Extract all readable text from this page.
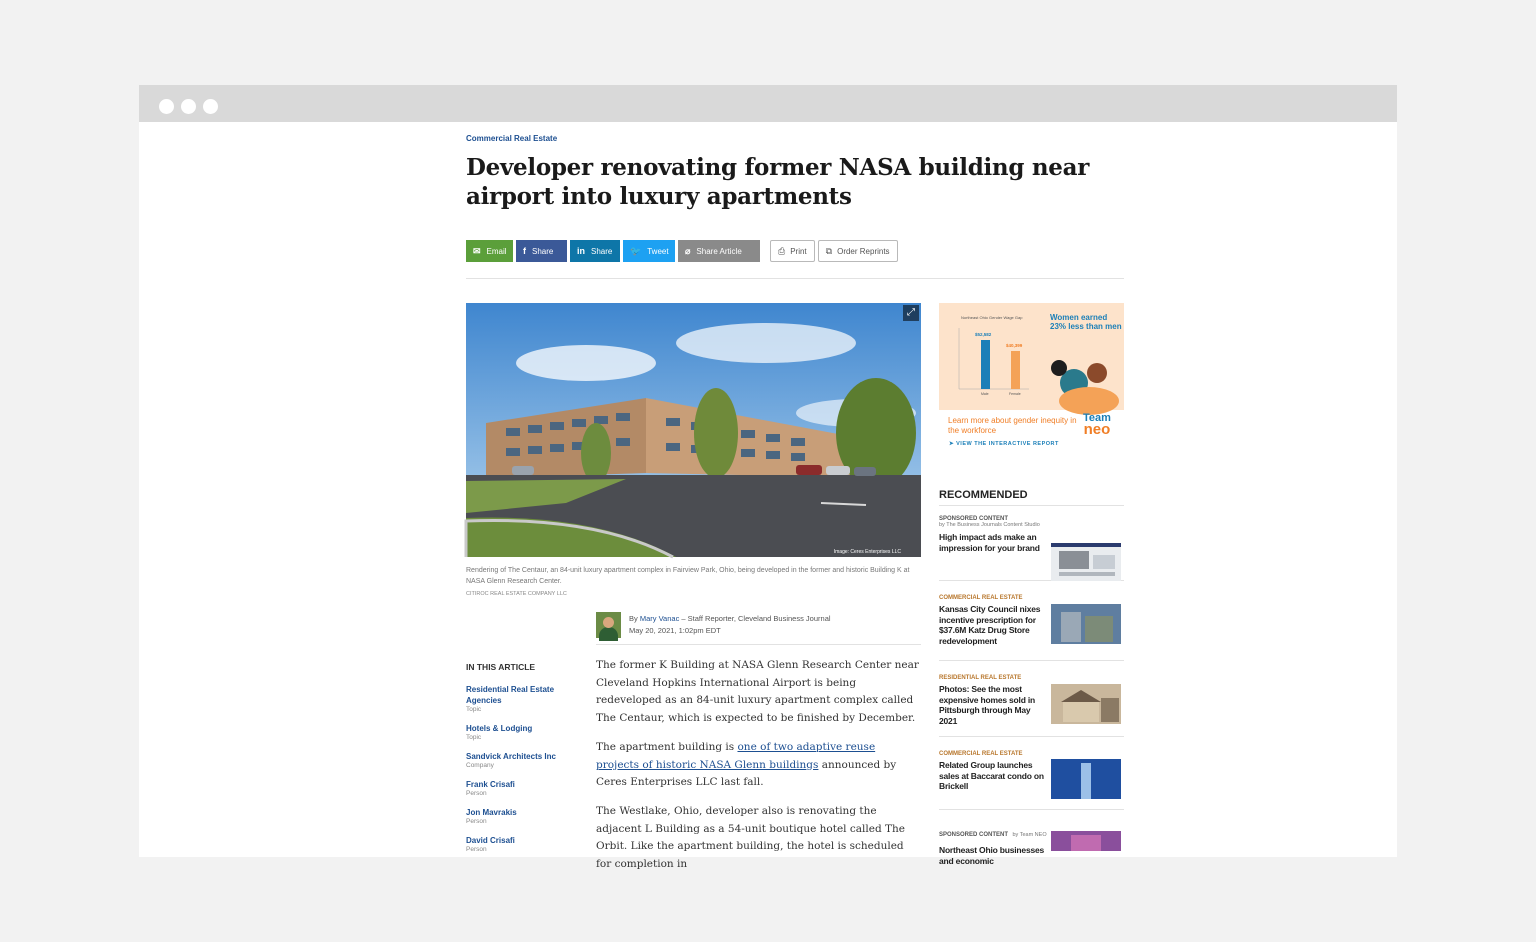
Commercial Real Estate
Developer renovating former NASA building near airport into luxury apartments
✉ Email f Share	in Share 🐦 Tweet ⌀ Share Article	⎙ Print ⧉ Order Reprints
⤢
Image: Ceres Enterprises LLC
Rendering of The Centaur, an 84-unit luxury apartment complex in Fairview Park, Ohio, being developed in the former and historic Building K at NASA Glenn Research Center.
CITIROC REAL ESTATE COMPANY LLC
By Mary Vanac – Staff Reporter, Cleveland Business Journal
May 20, 2021, 1:02pm EDT
IN THIS ARTICLE
Residential Real Estate Agencies
Topic
Hotels & Lodging
Topic
Sandvick Architects Inc
Company
Frank Crisafi
Person
Jon Mavrakis
Person
David Crisafi
Person

The former K Building at NASA Glenn Research Center near Cleveland Hopkins International Airport is being redeveloped as an 84-unit luxury apartment complex called The Centaur, which is expected to be finished by December.

The apartment building is one of two adaptive reuse projects of historic NASA Glenn buildings announced by Ceres Enterprises LLC last fall.

The Westlake, Ohio, developer also is renovating the adjacent L Building as a 54-unit boutique hotel called The Orbit. Like the apartment building, the hotel is scheduled for completion in

Northeast Ohio Gender Wage Gap
$52,582
$40,399
Male	Female
Women earned 23% less than men
Learn more about gender inequity in the workforce
➤ VIEW THE INTERACTIVE REPORT
Team
neo
RECOMMENDED
SPONSORED CONTENT
by The Business Journals Content Studio
High impact ads make an impression for your brand
COMMERCIAL REAL ESTATE
Kansas City Council nixes incentive prescription for $37.6M Katz Drug Store redevelopment
RESIDENTIAL REAL ESTATE
Photos: See the most expensive homes sold in Pittsburgh through May 2021
COMMERCIAL REAL ESTATE
Related Group launches sales at Baccarat condo on Brickell
SPONSORED CONTENT by Team NEO
Northeast Ohio businesses and economic
